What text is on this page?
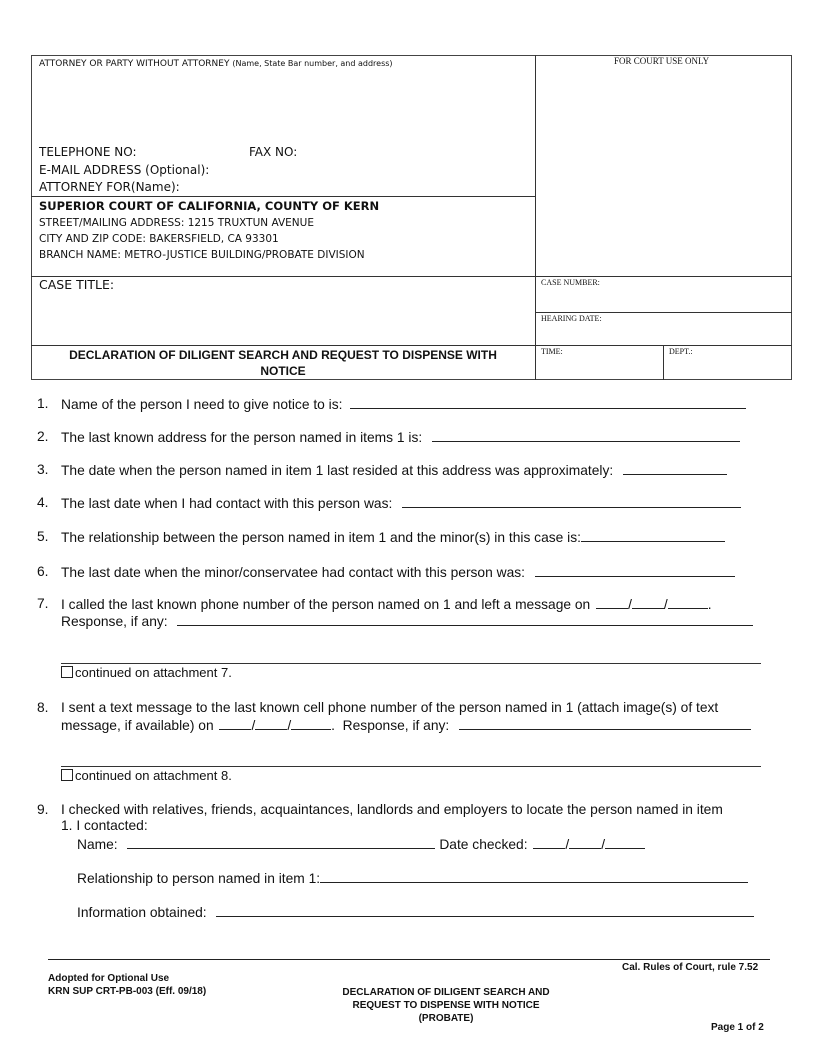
ATTORNEY OR PARTY WITHOUT ATTORNEY (Name, State Bar number, and address)	FOR COURT USE ONLY
TELEPHONE NO:	FAX NO:
E-MAIL ADDRESS (Optional):
ATTORNEY FOR(Name):
SUPERIOR COURT OF CALIFORNIA, COUNTY OF KERN
STREET/MAILING ADDRESS: 1215 TRUXTUN AVENUE
CITY AND ZIP CODE: BAKERSFIELD, CA 93301
BRANCH NAME: METRO-JUSTICE BUILDING/PROBATE DIVISION
CASE TITLE:	CASE NUMBER:
HEARING DATE:
TIME:	DEPT.:
DECLARATION OF DILIGENT SEARCH AND REQUEST TO DISPENSE WITH
NOTICE
1. Name of the person I need to give notice to is:
2. The last known address for the person named in items 1 is:
3. The date when the person named in item 1 last resided at this address was approximately:
4. The last date when I had contact with this person was:
5. The relationship between the person named in item 1 and the minor(s) in this case is:
6. The last date when the minor/conservatee had contact with this person was:
7. I called the last known phone number of the person named on 1 and left a message on	/ /	.
Response, if any:
continued on attachment 7.
8. I sent a text message to the last known cell phone number of the person named in 1 (attach image(s) of text
message, if available) on	/ /	.  Response, if any:
continued on attachment 8.
9. I checked with relatives, friends, acquaintances, landlords and employers to locate the person named in item
1. I contacted:
Name:	Date checked:	/ /
Relationship to person named in item 1:
Information obtained:
Cal. Rules of Court, rule 7.52
Adopted for Optional Use
KRN SUP CRT-PB-003 (Eff. 09/18)	DECLARATION OF DILIGENT SEARCH AND
REQUEST TO DISPENSE WITH NOTICE
(PROBATE)
Page 1 of 2
